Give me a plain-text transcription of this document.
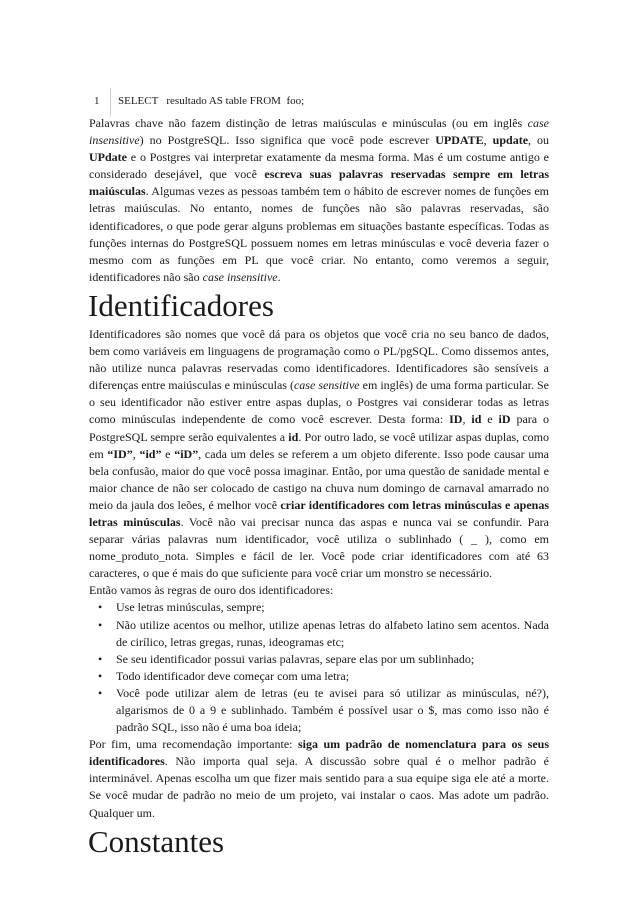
1 SELECT   resultado AS table FROM  foo;

Palavras chave não fazem distinção de letras maiúsculas e minúsculas (ou em inglês case insensitive) no PostgreSQL. Isso significa que você pode escrever UPDATE, update, ou UPdate e o Postgres vai interpretar exatamente da mesma forma. Mas é um costume antigo e considerado desejável, que você escreva suas palavras reservadas sempre em letras maiúsculas. Algumas vezes as pessoas também tem o hábito de escrever nomes de funções em letras maiúsculas. No entanto, nomes de funções não são palavras reservadas, são identificadores, o que pode gerar alguns problemas em situações bastante específicas. Todas as funções internas do PostgreSQL possuem nomes em letras minúsculas e você deveria fazer o mesmo com as funções em PL que você criar. No entanto, como veremos a seguir, identificadores não são case insensitive.

Identificadores

Identificadores são nomes que você dá para os objetos que você cria no seu banco de dados, bem como variáveis em linguagens de programação como o PL/pgSQL. Como dissemos antes, não utilize nunca palavras reservadas como identificadores. Identificadores são sensíveis a diferenças entre maiúsculas e minúsculas (case sensitive em inglês) de uma forma particular. Se o seu identificador não estiver entre aspas duplas, o Postgres vai considerar todas as letras como minúsculas independente de como você escrever. Desta forma: ID, id e iD para o PostgreSQL sempre serão equivalentes a id. Por outro lado, se você utilizar aspas duplas, como em “ID”, “id” e “iD”, cada um deles se referem a um objeto diferente. Isso pode causar uma bela confusão, maior do que você possa imaginar. Então, por uma questão de sanidade mental e maior chance de não ser colocado de castigo na chuva num domingo de carnaval amarrado no meio da jaula dos leões, é melhor você criar identificadores com letras minúsculas e apenas letras minúsculas. Você não vai precisar nunca das aspas e nunca vai se confundir. Para separar várias palavras num identificador, você utiliza o sublinhado ( _ ), como em nome_produto_nota. Simples e fácil de ler. Você pode criar identificadores com até 63 caracteres, o que é mais do que suficiente para você criar um monstro se necessário.

Então vamos às regras de ouro dos identificadores:

• Use letras minúsculas, sempre;
• Não utilize acentos ou melhor, utilize apenas letras do alfabeto latino sem acentos. Nada de cirílico, letras gregas, runas, ideogramas etc;
• Se seu identificador possui varias palavras, separe elas por um sublinhado;
• Todo identificador deve começar com uma letra;
• Você pode utilizar alem de letras (eu te avisei para só utilizar as minúsculas, né?), algarismos de 0 a 9 e sublinhado. Também é possível usar o $, mas como isso não é padrão SQL, isso não é uma boa ideia;

Por fim, uma recomendação importante: siga um padrão de nomenclatura para os seus identificadores. Não importa qual seja. A discussão sobre qual é o melhor padrão é interminável. Apenas escolha um que fizer mais sentido para a sua equipe siga ele até a morte. Se você mudar de padrão no meio de um projeto, vai instalar o caos. Mas adote um padrão. Qualquer um.

Constantes
